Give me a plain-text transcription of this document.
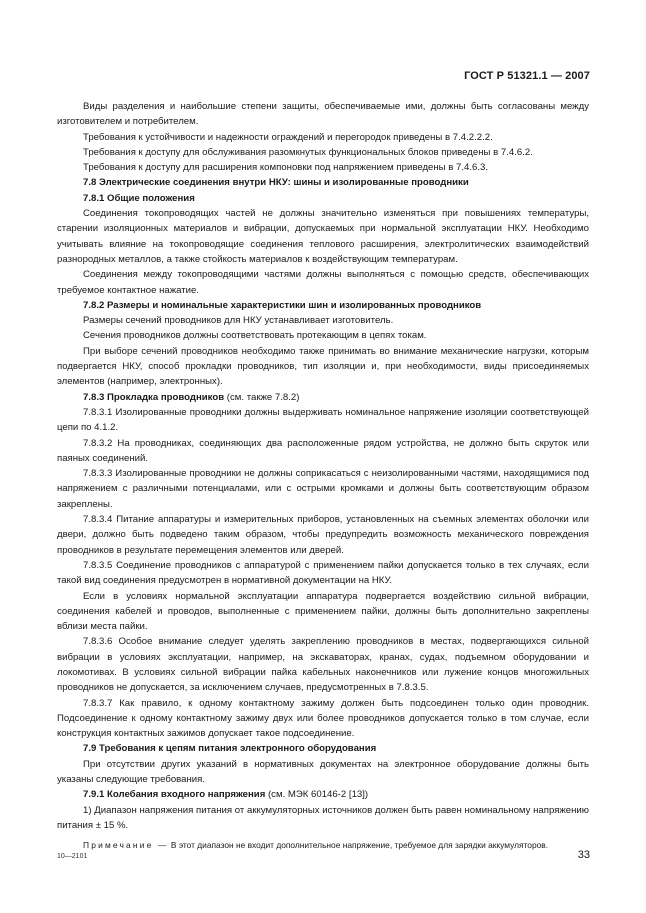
ГОСТ Р 51321.1 — 2007

Виды разделения и наибольшие степени защиты, обеспечиваемые ими, должны быть согласованы между изготовителем и потребителем.

Требования к устойчивости и надежности ограждений и перегородок приведены в 7.4.2.2.2.

Требования к доступу для обслуживания разомкнутых функциональных блоков приведены в 7.4.6.2.

Требования к доступу для расширения компоновки под напряжением приведены в 7.4.6.3.

7.8 Электрические соединения внутри НКУ: шины и изолированные проводники

7.8.1 Общие положения

Соединения токопроводящих частей не должны значительно изменяться при повышениях температуры, старении изоляционных материалов и вибрации, допускаемых при нормальной эксплуатации НКУ. Необходимо учитывать влияние на токопроводящие соединения теплового расширения, электролитических взаимодействий разнородных металлов, а также стойкость материалов к воздействующим температурам.

Соединения между токопроводящими частями должны выполняться с помощью средств, обеспечивающих требуемое контактное нажатие.

7.8.2 Размеры и номинальные характеристики шин и изолированных проводников

Размеры сечений проводников для НКУ устанавливает изготовитель.

Сечения проводников должны соответствовать протекающим в цепях токам.

При выборе сечений проводников необходимо также принимать во внимание механические нагрузки, которым подвергается НКУ, способ прокладки проводников, тип изоляции и, при необходимости, виды присоединяемых элементов (например, электронных).

7.8.3 Прокладка проводников (см. также 7.8.2)

7.8.3.1 Изолированные проводники должны выдерживать номинальное напряжение изоляции соответствующей цепи по 4.1.2.

7.8.3.2 На проводниках, соединяющих два расположенные рядом устройства, не должно быть скруток или паяных соединений.

7.8.3.3 Изолированные проводники не должны соприкасаться с неизолированными частями, находящимися под напряжением с различными потенциалами, или с острыми кромками и должны быть соответствующим образом закреплены.

7.8.3.4 Питание аппаратуры и измерительных приборов, установленных на съемных элементах оболочки или двери, должно быть подведено таким образом, чтобы предупредить возможность механического повреждения проводников в результате перемещения элементов или дверей.

7.8.3.5 Соединение проводников с аппаратурой с применением пайки допускается только в тех случаях, если такой вид соединения предусмотрен в нормативной документации на НКУ.

Если в условиях нормальной эксплуатации аппаратура подвергается воздействию сильной вибрации, соединения кабелей и проводов, выполненные с применением пайки, должны быть дополнительно закреплены вблизи места пайки.

7.8.3.6 Особое внимание следует уделять закреплению проводников в местах, подвергающихся сильной вибрации в условиях эксплуатации, например, на экскаваторах, кранах, судах, подъемном оборудовании и локомотивах. В условиях сильной вибрации пайка кабельных наконечников или лужение концов многожильных проводников не допускается, за исключением случаев, предусмотренных в 7.8.3.5.

7.8.3.7 Как правило, к одному контактному зажиму должен быть подсоединен только один проводник. Подсоединение к одному контактному зажиму двух или более проводников допускается только в том случае, если конструкция контактных зажимов допускает такое подсоединение.

7.9 Требования к цепям питания электронного оборудования

При отсутствии других указаний в нормативных документах на электронное оборудование должны быть указаны следующие требования.

7.9.1 Колебания входного напряжения (см. МЭК 60146-2 [13])

1) Диапазон напряжения питания от аккумуляторных источников должен быть равен номинальному напряжению питания ± 15 %.

Примечание — В этот диапазон не входит дополнительное напряжение, требуемое для зарядки аккумуляторов.

10—2101	33
